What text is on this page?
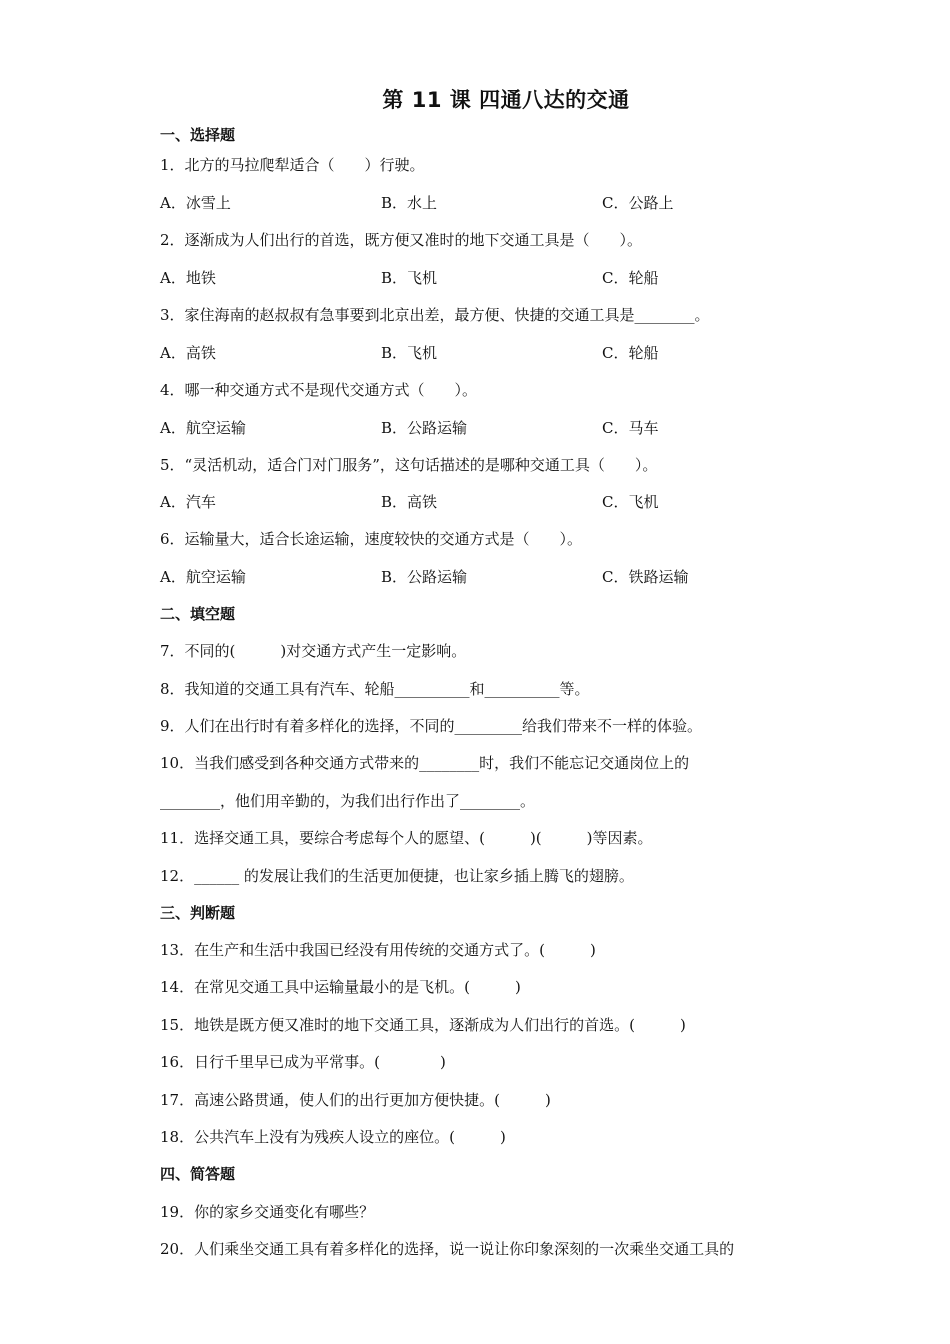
第 11 课 四通八达的交通
一、选择题
1．北方的马拉爬犁适合（　　）行驶。
A．冰雪上	B．水上	C．公路上
2．逐渐成为人们出行的首选，既方便又准时的地下交通工具是（　　）。
A．地铁	B．飞机	C．轮船
3．家住海南的赵叔叔有急事要到北京出差，最方便、快捷的交通工具是________。
A．高铁	B．飞机	C．轮船
4．哪一种交通方式不是现代交通方式（　　）。
A．航空运输	B．公路运输	C．马车
5．“灵活机动，适合门对门服务”，这句话描述的是哪种交通工具（　　）。
A．汽车	B．高铁	C．飞机
6．运输量大，适合长途运输，速度较快的交通方式是（　　）。
A．航空运输	B．公路运输	C．铁路运输
二、填空题
7．不同的(　　　)对交通方式产生一定影响。
8．我知道的交通工具有汽车、轮船__________和__________等。
9．人们在出行时有着多样化的选择，不同的_________给我们带来不一样的体验。
10．当我们感受到各种交通方式带来的________时，我们不能忘记交通岗位上的
________，他们用辛勤的，为我们出行作出了________。
11．选择交通工具，要综合考虑每个人的愿望、(　　　)(　　　)等因素。
12．______ 的发展让我们的生活更加便捷，也让家乡插上腾飞的翅膀。
三、判断题
13．在生产和生活中我国已经没有用传统的交通方式了。(　　　)
14．在常见交通工具中运输量最小的是飞机。(　　　)
15．地铁是既方便又准时的地下交通工具，逐渐成为人们出行的首选。(　　　)
16．日行千里早已成为平常事。(　　　　)
17．高速公路贯通，使人们的出行更加方便快捷。(　　　)
18．公共汽车上没有为残疾人设立的座位。(　　　)
四、简答题
19．你的家乡交通变化有哪些？
20．人们乘坐交通工具有着多样化的选择，说一说让你印象深刻的一次乘坐交通工具的
